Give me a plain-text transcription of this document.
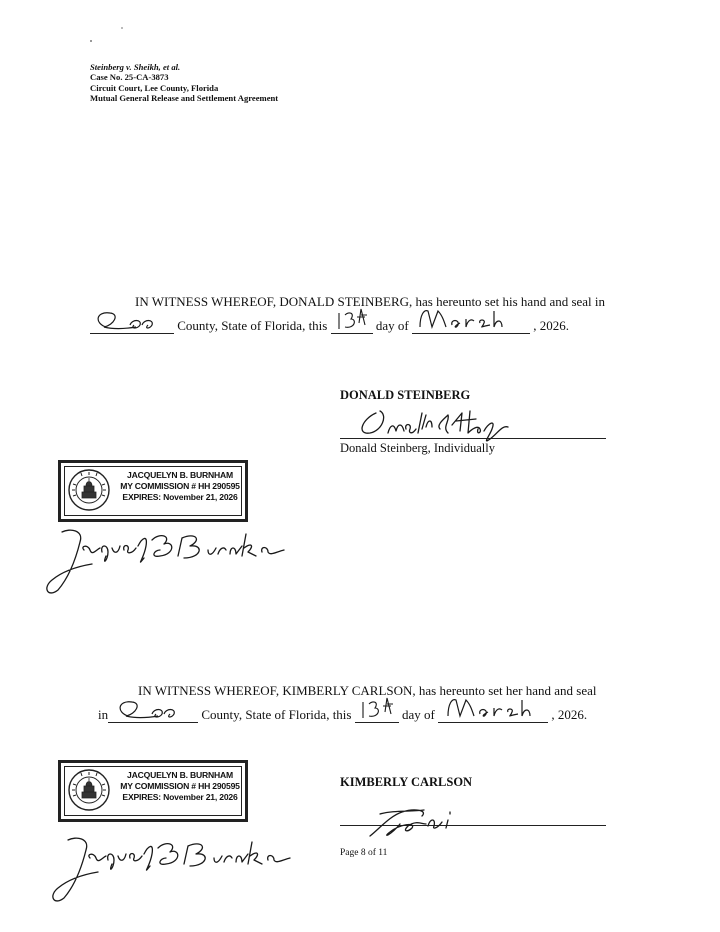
Steinberg v. Sheikh, et al.
Case No. 25-CA-3873
Circuit Court, Lee County, Florida
Mutual General Release and Settlement Agreement
IN WITNESS WHEREOF, DONALD STEINBERG, has hereunto set his hand and seal in
County, State of Florida, this	day of	, 2026.
DONALD STEINBERG
Donald Steinberg, Individually
JACQUELYN B. BURNHAM
MY COMMISSION # HH 290595
EXPIRES: November 21, 2026
IN WITNESS WHEREOF, KIMBERLY CARLSON, has hereunto set her hand and seal
in	County, State of Florida, this	day of	, 2026.
KIMBERLY CARLSON
Page 8 of 11
JACQUELYN B. BURNHAM
MY COMMISSION # HH 290595
EXPIRES: November 21, 2026
